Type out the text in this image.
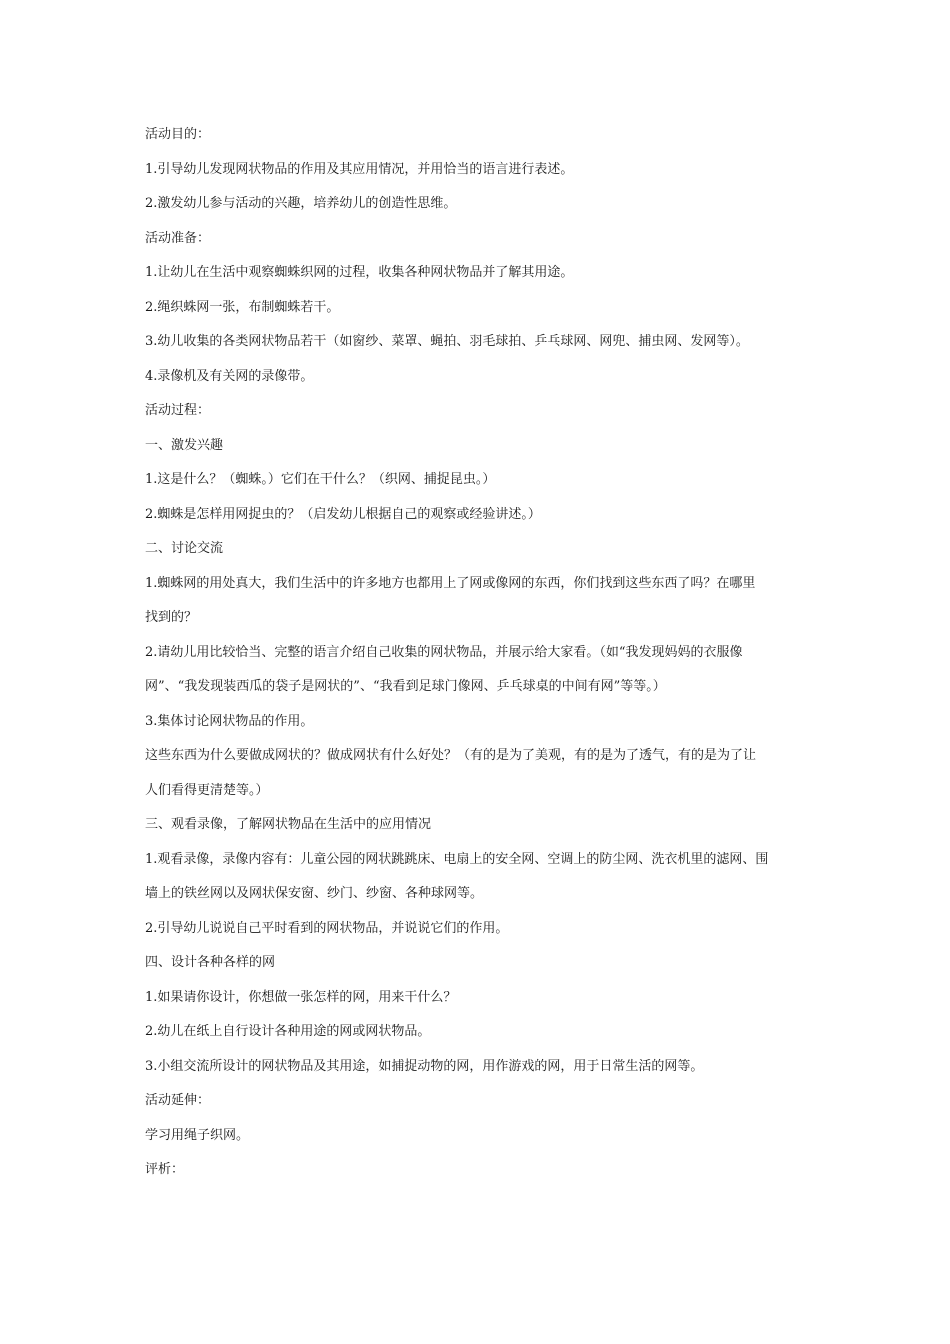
活动目的：

1.引导幼儿发现网状物品的作用及其应用情况，并用恰当的语言进行表述。

2.激发幼儿参与活动的兴趣，培养幼儿的创造性思维。

活动准备：

1.让幼儿在生活中观察蜘蛛织网的过程，收集各种网状物品并了解其用途。

2.绳织蛛网一张，布制蜘蛛若干。

3.幼儿收集的各类网状物品若干（如窗纱、菜罩、蝇拍、羽毛球拍、乒乓球网、网兜、捕虫网、发网等）。

4.录像机及有关网的录像带。

活动过程：

一、激发兴趣

1.这是什么？（蜘蛛。）它们在干什么？（织网、捕捉昆虫。）

2.蜘蛛是怎样用网捉虫的？（启发幼儿根据自己的观察或经验讲述。）

二、讨论交流

1.蜘蛛网的用处真大，我们生活中的许多地方也都用上了网或像网的东西，你们找到这些东西了吗？在哪里

找到的？

2.请幼儿用比较恰当、完整的语言介绍自己收集的网状物品，并展示给大家看。（如“我发现妈妈的衣服像

网”、“我发现装西瓜的袋子是网状的”、“我看到足球门像网、乒乓球桌的中间有网”等等。）

3.集体讨论网状物品的作用。

这些东西为什么要做成网状的？做成网状有什么好处？（有的是为了美观，有的是为了透气，有的是为了让

人们看得更清楚等。）

三、观看录像，了解网状物品在生活中的应用情况

1.观看录像，录像内容有：儿童公园的网状跳跳床、电扇上的安全网、空调上的防尘网、洗衣机里的滤网、围

墙上的铁丝网以及网状保安窗、纱门、纱窗、各种球网等。

2.引导幼儿说说自己平时看到的网状物品，并说说它们的作用。

四、设计各种各样的网

1.如果请你设计，你想做一张怎样的网，用来干什么？

2.幼儿在纸上自行设计各种用途的网或网状物品。

3.小组交流所设计的网状物品及其用途，如捕捉动物的网，用作游戏的网，用于日常生活的网等。

活动延伸：

学习用绳子织网。

评析：
